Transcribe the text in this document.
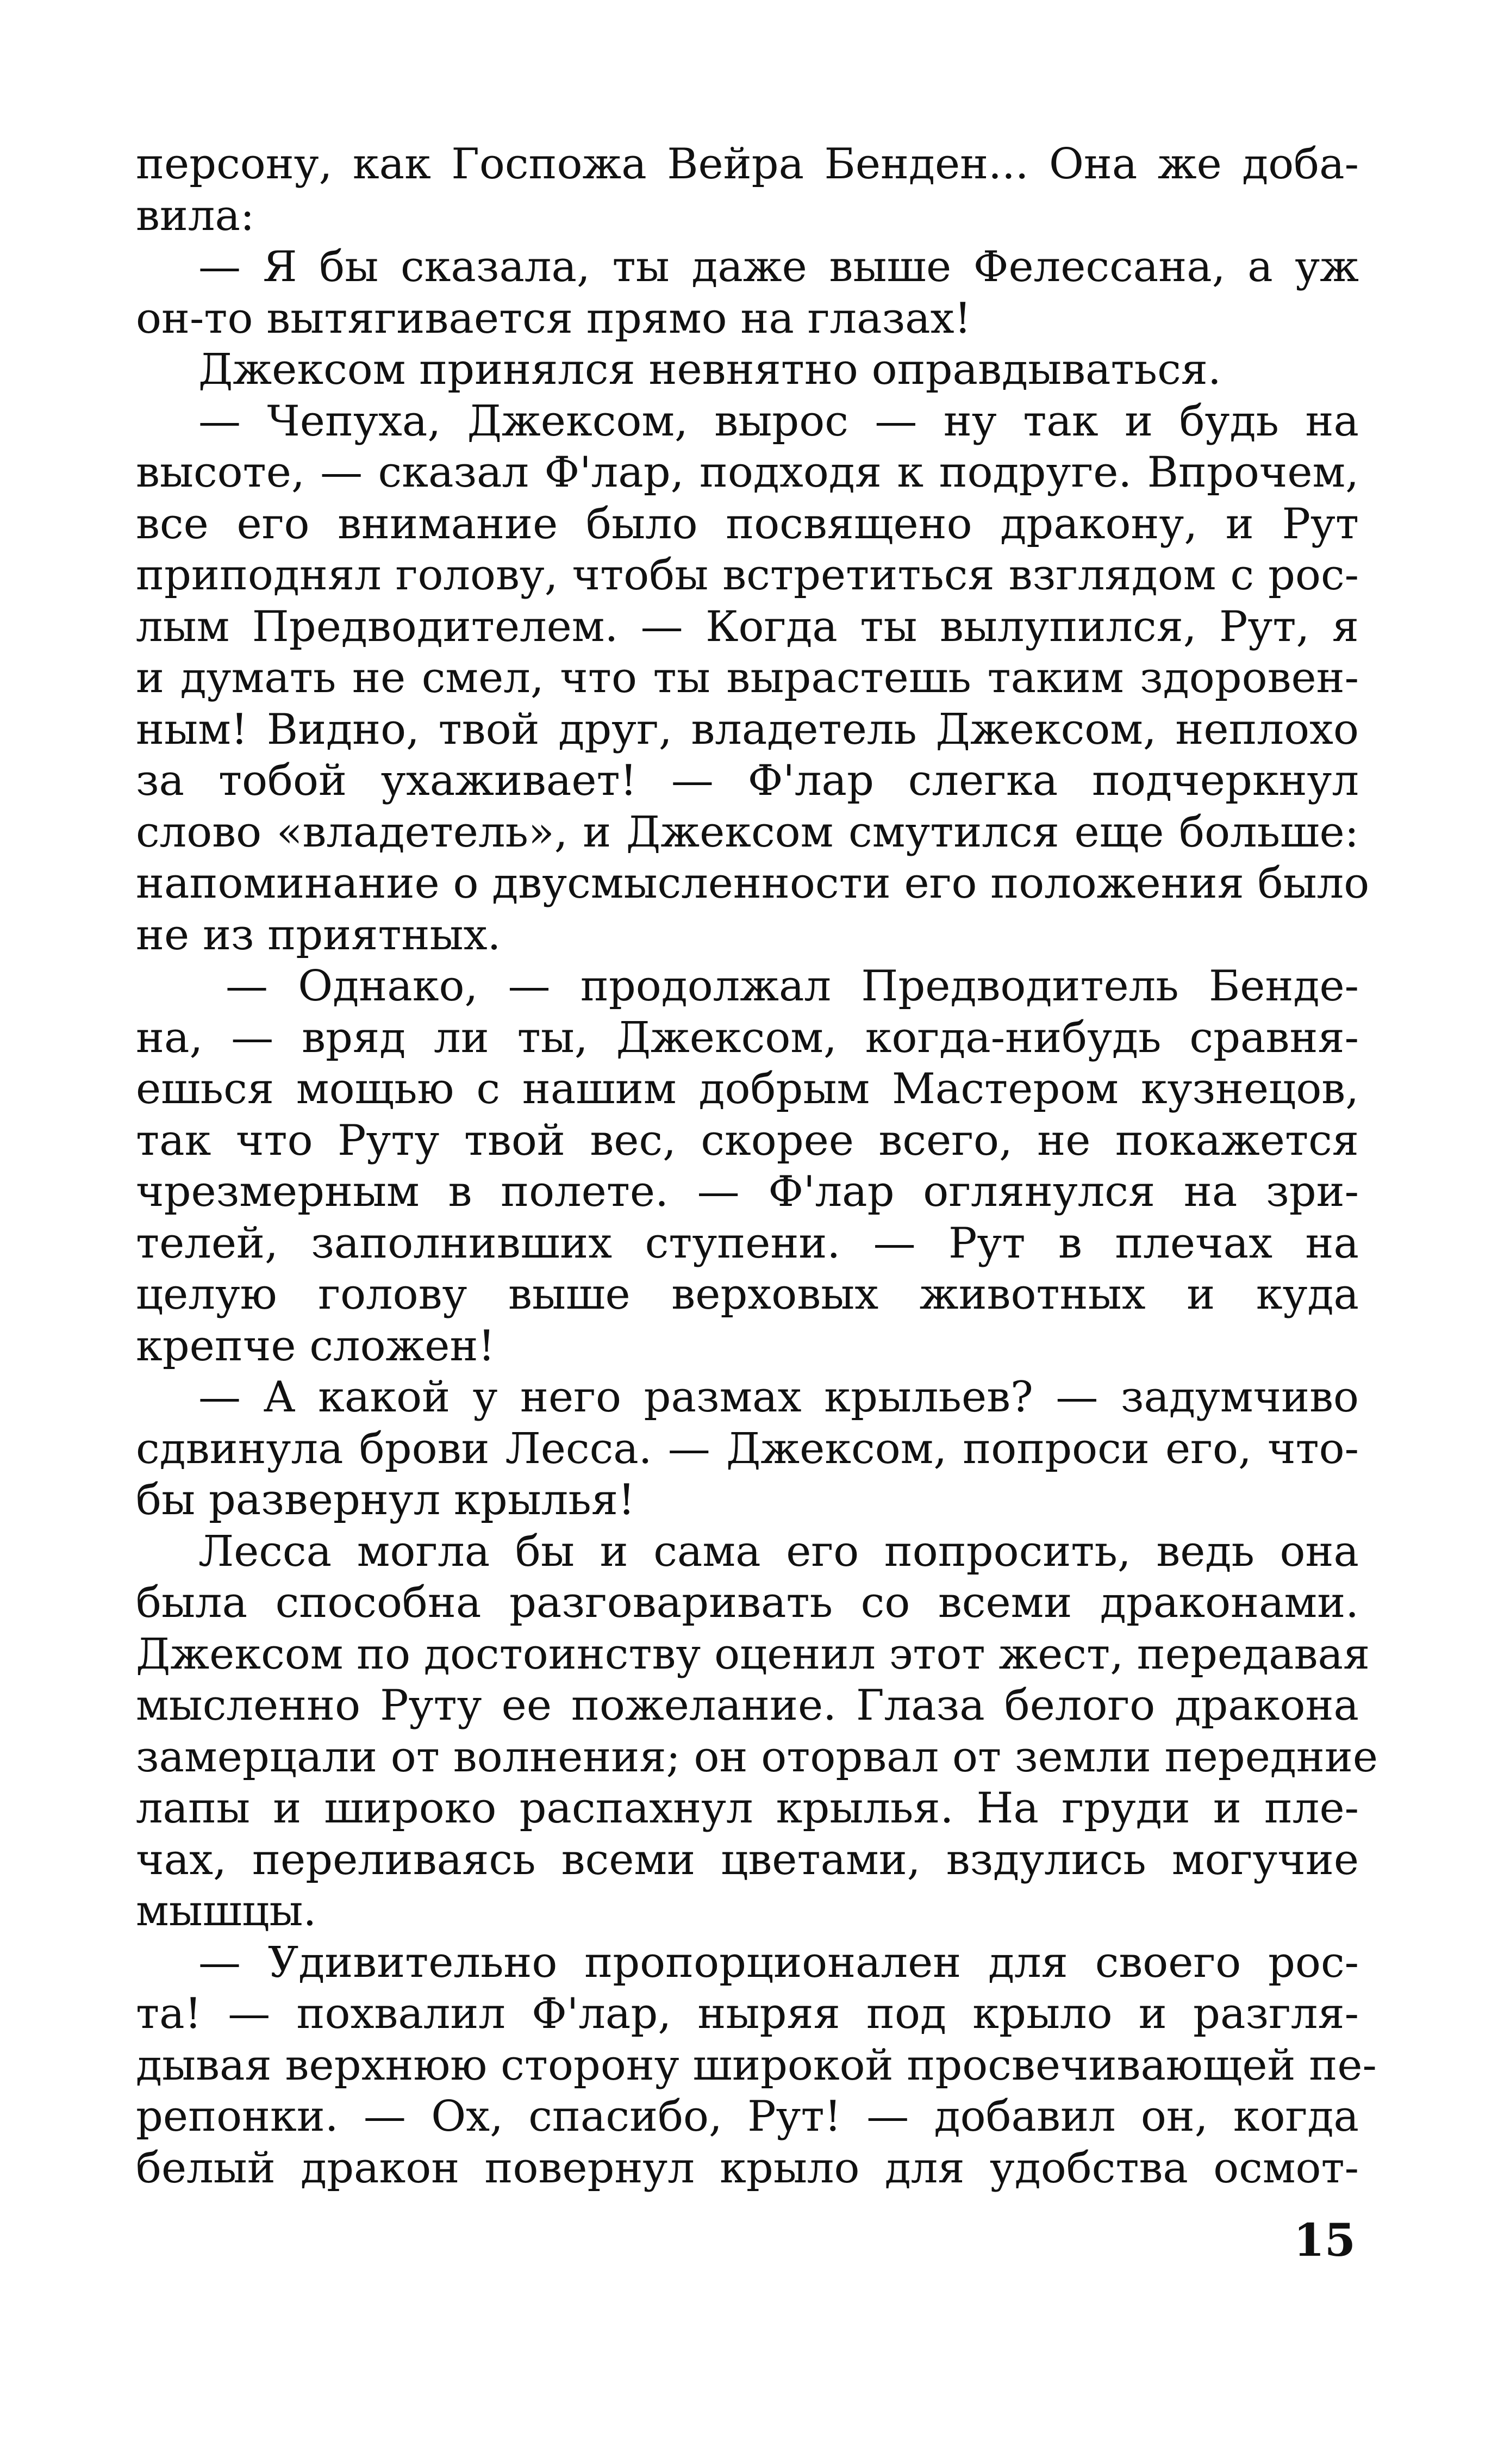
персону, как Госпожа Вейра Бенден... Она же доба-
вила:
— Я бы сказала, ты даже выше Фелессана, а уж
он-то вытягивается прямо на глазах!
Джексом принялся невнятно оправдываться.
— Чепуха, Джексом, вырос — ну так и будь на
высоте, — сказал Ф'лар, подходя к подруге. Впрочем,
все его внимание было посвящено дракону, и Рут
приподнял голову, чтобы встретиться взглядом с рос-
лым Предводителем. — Когда ты вылупился, Рут, я
и думать не смел, что ты вырастешь таким здоровен-
ным! Видно, твой друг, владетель Джексом, неплохо
за тобой ухаживает! — Ф'лар слегка подчеркнул
слово «владетель», и Джексом смутился еще больше:
напоминание о двусмысленности его положения было
не из приятных.
— Однако, — продолжал Предводитель Бенде-
на, — вряд ли ты, Джексом, когда-нибудь сравня-
ешься мощью с нашим добрым Мастером кузнецов,
так что Руту твой вес, скорее всего, не покажется
чрезмерным в полете. — Ф'лар оглянулся на зри-
телей, заполнивших ступени. — Рут в плечах на
целую голову выше верховых животных и куда
крепче сложен!
— А какой у него размах крыльев? — задумчиво
сдвинула брови Лесса. — Джексом, попроси его, что-
бы развернул крылья!
Лесса могла бы и сама его попросить, ведь она
была способна разговаривать со всеми драконами.
Джексом по достоинству оценил этот жест, передавая
мысленно Руту ее пожелание. Глаза белого дракона
замерцали от волнения; он оторвал от земли передние
лапы и широко распахнул крылья. На груди и пле-
чах, переливаясь всеми цветами, вздулись могучие
мышцы.
— Удивительно пропорционален для своего рос-
та! — похвалил Ф'лар, ныряя под крыло и разгля-
дывая верхнюю сторону широкой просвечивающей пе-
репонки. — Ох, спасибо, Рут! — добавил он, когда
белый дракон повернул крыло для удобства осмот-
15
